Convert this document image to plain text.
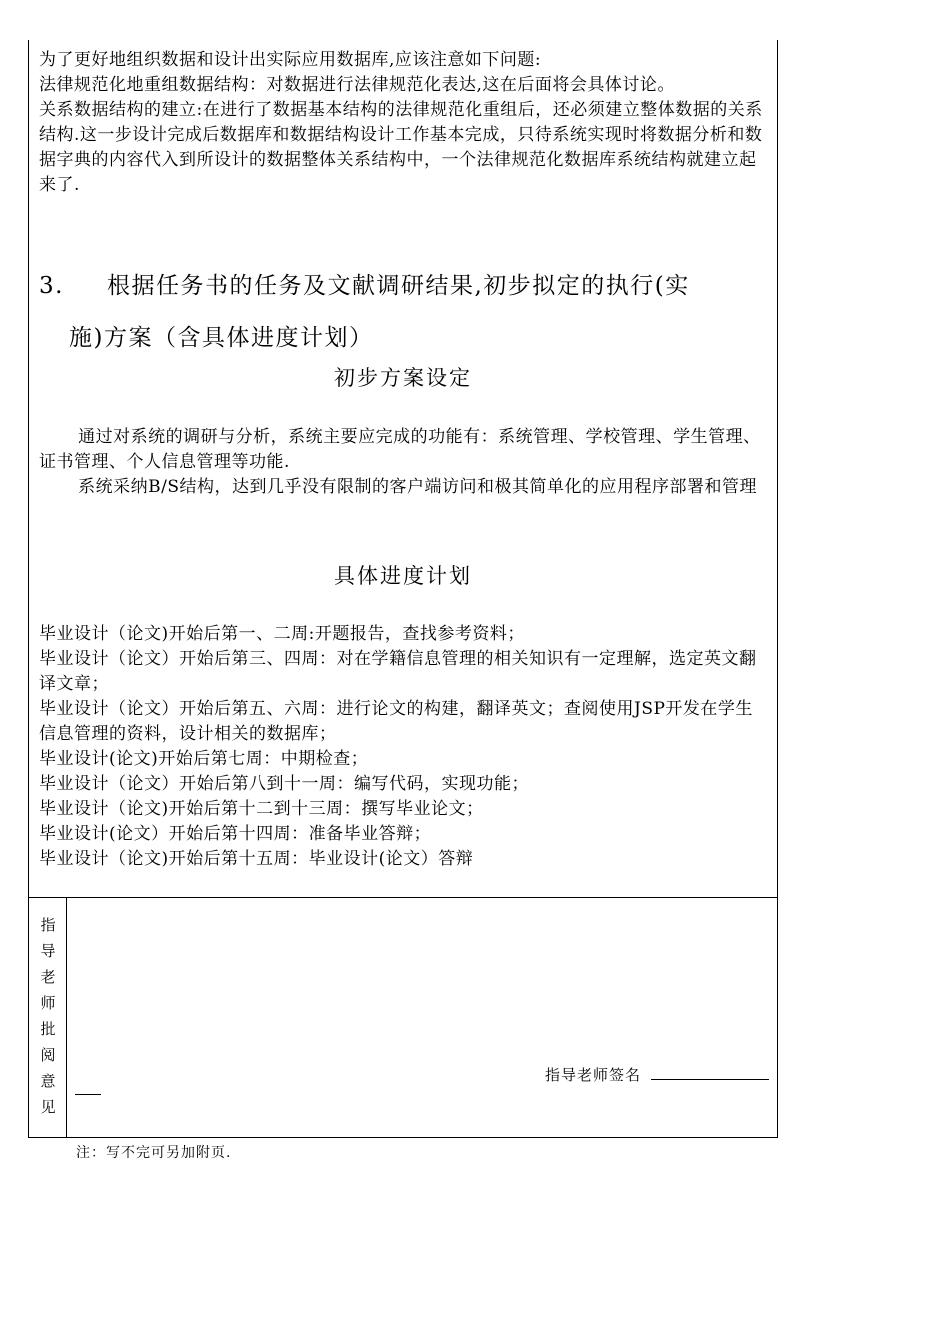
为了更好地组织数据和设计出实际应用数据库,应该注意如下问题:

法律规范化地重组数据结构：对数据进行法律规范化表达,这在后面将会具体讨论。

关系数据结构的建立:在进行了数据基本结构的法律规范化重组后，还必须建立整体数据的关系结构.这一步设计完成后数据库和数据结构设计工作基本完成，只待系统实现时将数据分析和数据字典的内容代入到所设计的数据整体关系结构中，一个法律规范化数据库系统结构就建立起来了.

3. 根据任务书的任务及文献调研结果,初步拟定的执行(实
施)方案（含具体进度计划）
初步方案设定

通过对系统的调研与分析，系统主要应完成的功能有：系统管理、学校管理、学生管理、证书管理、个人信息管理等功能.

系统采纳B/S结构，达到几乎没有限制的客户端访问和极其简单化的应用程序部署和管理

具体进度计划

毕业设计（论文)开始后第一、二周:开题报告，查找参考资料；

毕业设计（论文）开始后第三、四周：对在学籍信息管理的相关知识有一定理解，选定英文翻译文章；

毕业设计（论文）开始后第五、六周：进行论文的构建，翻译英文；查阅使用JSP开发在学生信息管理的资料，设计相关的数据库；

毕业设计(论文)开始后第七周：中期检查；

毕业设计（论文）开始后第八到十一周：编写代码，实现功能；

毕业设计（论文)开始后第十二到十三周：撰写毕业论文；

毕业设计(论文）开始后第十四周：准备毕业答辩；

毕业设计（论文)开始后第十五周：毕业设计(论文）答辩

指
导
老
师
批
阅
意
见
指导老师签名
注：写不完可另加附页.
